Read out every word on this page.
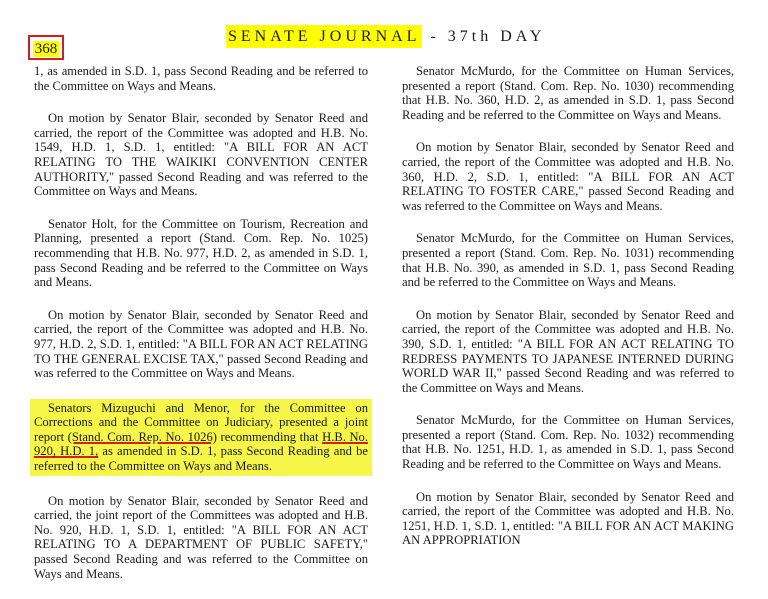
368
SENATE JOURNAL - 37th DAY

1, as amended in S.D. 1, pass Second Reading and be referred to the Committee on Ways and Means.

On motion by Senator Blair, seconded by Senator Reed and carried, the report of the Committee was adopted and H.B. No. 1549, H.D. 1, S.D. 1, entitled: "A BILL FOR AN ACT RELATING TO THE WAIKIKI CONVENTION CENTER AUTHORITY," passed Second Reading and was referred to the Committee on Ways and Means.

Senator Holt, for the Committee on Tourism, Recreation and Planning, presented a report (Stand. Com. Rep. No. 1025) recommending that H.B. No. 977, H.D. 2, as amended in S.D. 1, pass Second Reading and be referred to the Committee on Ways and Means.

On motion by Senator Blair, seconded by Senator Reed and carried, the report of the Committee was adopted and H.B. No. 977, H.D. 2, S.D. 1, entitled: "A BILL FOR AN ACT RELATING TO THE GENERAL EXCISE TAX," passed Second Reading and was referred to the Committee on Ways and Means.

Senators Mizuguchi and Menor, for the Committee on Corrections and the Committee on Judiciary, presented a joint report (Stand. Com. Rep. No. 1026) recommending that H.B. No. 920, H.D. 1, as amended in S.D. 1, pass Second Reading and be referred to the Committee on Ways and Means.

On motion by Senator Blair, seconded by Senator Reed and carried, the joint report of the Committees was adopted and H.B. No. 920, H.D. 1, S.D. 1, entitled: "A BILL FOR AN ACT RELATING TO A DEPARTMENT OF PUBLIC SAFETY," passed Second Reading and was referred to the Committee on Ways and Means.

Senator McMurdo, for the Committee on Human Services, presented a report (Stand. Com. Rep. No. 1030) recommending that H.B. No. 360, H.D. 2, as amended in S.D. 1, pass Second Reading and be referred to the Committee on Ways and Means.

On motion by Senator Blair, seconded by Senator Reed and carried, the report of the Committee was adopted and H.B. No. 360, H.D. 2, S.D. 1, entitled: "A BILL FOR AN ACT RELATING TO FOSTER CARE," passed Second Reading and was referred to the Committee on Ways and Means.

Senator McMurdo, for the Committee on Human Services, presented a report (Stand. Com. Rep. No. 1031) recommending that H.B. No. 390, as amended in S.D. 1, pass Second Reading and be referred to the Committee on Ways and Means.

On motion by Senator Blair, seconded by Senator Reed and carried, the report of the Committee was adopted and H.B. No. 390, S.D. 1, entitled: "A BILL FOR AN ACT RELATING TO REDRESS PAYMENTS TO JAPANESE INTERNED DURING WORLD WAR II," passed Second Reading and was referred to the Committee on Ways and Means.

Senator McMurdo, for the Committee on Human Services, presented a report (Stand. Com. Rep. No. 1032) recommending that H.B. No. 1251, H.D. 1, as amended in S.D. 1, pass Second Reading and be referred to the Committee on Ways and Means.

On motion by Senator Blair, seconded by Senator Reed and carried, the report of the Committee was adopted and H.B. No. 1251, H.D. 1, S.D. 1, entitled: "A BILL FOR AN ACT MAKING AN APPROPRIATION
